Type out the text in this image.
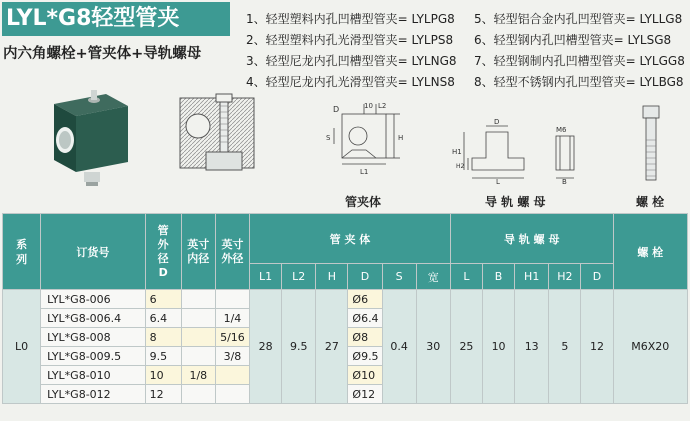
LYL*G8轻型管夹
内六角螺栓+管夹体+导轨螺母
1、轻型塑料内孔凹槽型管夹= LYLPG8 5、轻型铝合金内孔凹型管夹= LYLLG8
2、轻型塑料内孔光滑型管夹= LYLPS8 6、轻型钢内孔凹槽型管夹= LYLSG8
3、轻型尼龙内孔凹槽型管夹= LYLNG8 7、轻型钢制内孔凹槽型管夹= LYLGG8
4、轻型尼龙内孔光滑型管夹= LYLNS8 8、轻型不锈钢内孔凹型管夹= LYLBG8
D	10 L2
H
S
L1
管夹体
D
H1
H2
L
导 轨 螺 母
M6
B
螺 栓
系列	订货号	管外径D	英寸内径	英寸外径	管 夹 体						导 轨 螺 母					螺 栓
					L1	L2	H	D	S	宽	L	B	H1	H2	D	
L0	LYL*G8-006	6			28	9.5	27	Ø6	0.4	30	25	10	13	5	12	M6X20
	LYL*G8-006.4	6.4		1/4				Ø6.4								
	LYL*G8-008	8		5/16				Ø8								
	LYL*G8-009.5	9.5		3/8				Ø9.5								
	LYL*G8-010	10	1/8					Ø10								
	LYL*G8-012	12						Ø12								
